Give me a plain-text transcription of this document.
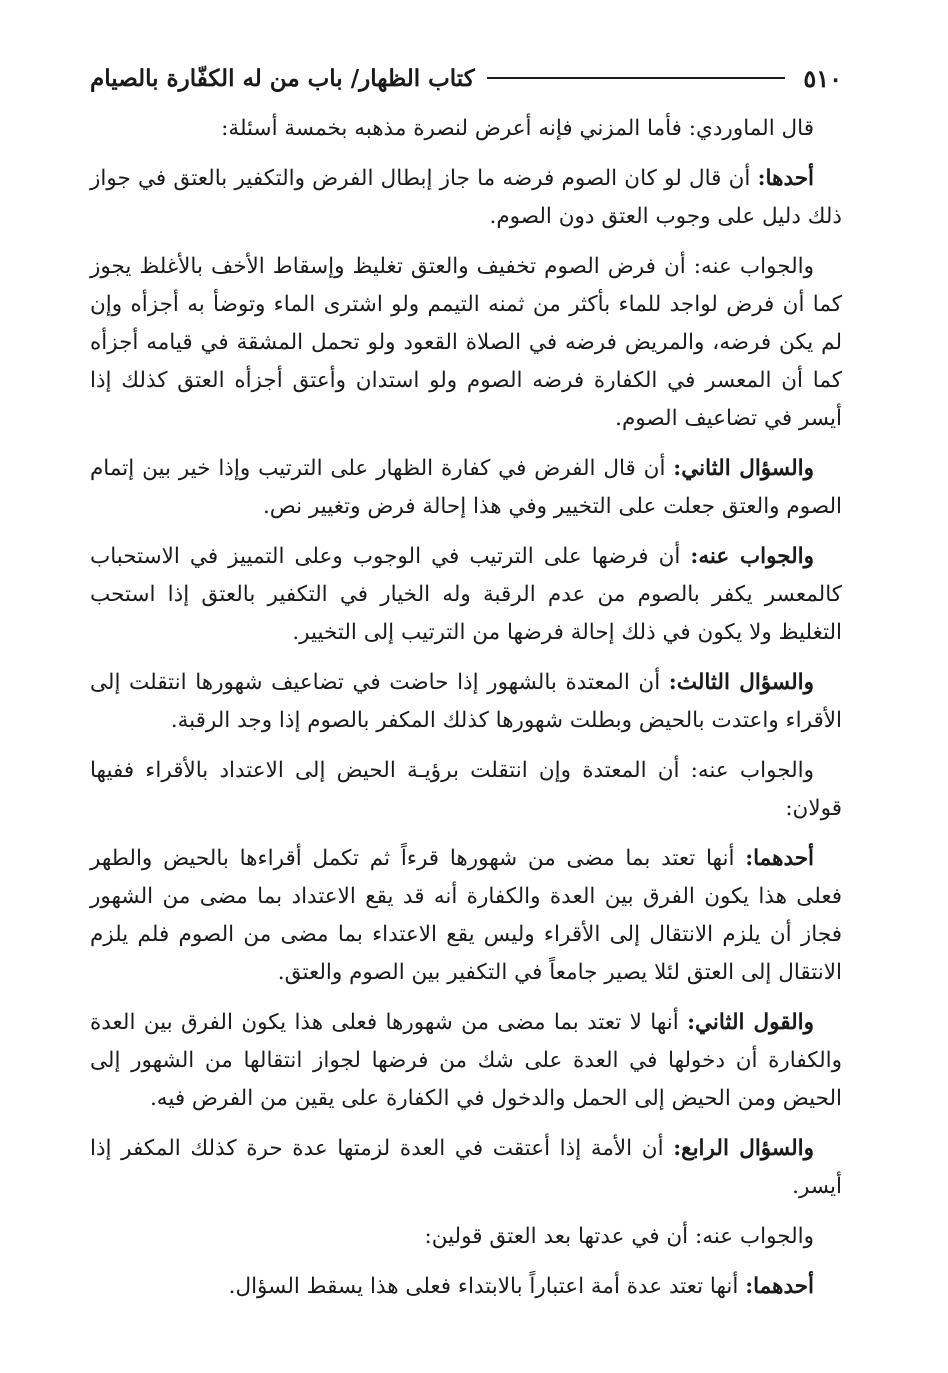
٥١٠
كتاب الظهار/ باب من له الكفّارة بالصيام

قال الماوردي: فأما المزني فإنه أعرض لنصرة مذهبه بخمسة أسئلة:

أحدها: أن قال لو كان الصوم فرضه ما جاز إبطال الفرض والتكفير بالعتق في جواز ذلك دليل على وجوب العتق دون الصوم.

والجواب عنه: أن فرض الصوم تخفيف والعتق تغليظ وإسقاط الأخف بالأغلظ يجوز كما أن فرض لواجد للماء بأكثر من ثمنه التيمم ولو اشترى الماء وتوضأ به أجزأه وإن لم يكن فرضه، والمريض فرضه في الصلاة القعود ولو تحمل المشقة في قيامه أجزأه كما أن المعسر في الكفارة فرضه الصوم ولو استدان وأعتق أجزأه العتق كذلك إذا أيسر في تضاعيف الصوم.

والسؤال الثاني: أن قال الفرض في كفارة الظهار على الترتيب وإذا خير بين إتمام الصوم والعتق جعلت على التخيير وفي هذا إحالة فرض وتغيير نص.

والجواب عنه: أن فرضها على الترتيب في الوجوب وعلى التمييز في الاستحباب كالمعسر يكفر بالصوم من عدم الرقبة وله الخيار في التكفير بالعتق إذا استحب التغليظ ولا يكون في ذلك إحالة فرضها من الترتيب إلى التخيير.

والسؤال الثالث: أن المعتدة بالشهور إذا حاضت في تضاعيف شهورها انتقلت إلى الأقراء واعتدت بالحيض وبطلت شهورها كذلك المكفر بالصوم إذا وجد الرقبة.

والجواب عنه: أن المعتدة وإن انتقلت برؤيـة الحيض إلى الاعتداد بالأقراء ففيها قولان:

أحدهما: أنها تعتد بما مضى من شهورها قرءاً ثم تكمل أقراءها بالحيض والطهر فعلى هذا يكون الفرق بين العدة والكفارة أنه قد يقع الاعتداد بما مضى من الشهور فجاز أن يلزم الانتقال إلى الأقراء وليس يقع الاعتداء بما مضى من الصوم فلم يلزم الانتقال إلى العتق لئلا يصير جامعاً في التكفير بين الصوم والعتق.

والقول الثاني: أنها لا تعتد بما مضى من شهورها فعلى هذا يكون الفرق بين العدة والكفارة أن دخولها في العدة على شك من فرضها لجواز انتقالها من الشهور إلى الحيض ومن الحيض إلى الحمل والدخول في الكفارة على يقين من الفرض فيه.

والسؤال الرابع: أن الأمة إذا أعتقت في العدة لزمتها عدة حرة كذلك المكفر إذا أيسر.

والجواب عنه: أن في عدتها بعد العتق قولين:

أحدهما: أنها تعتد عدة أمة اعتباراً بالابتداء فعلى هذا يسقط السؤال.
